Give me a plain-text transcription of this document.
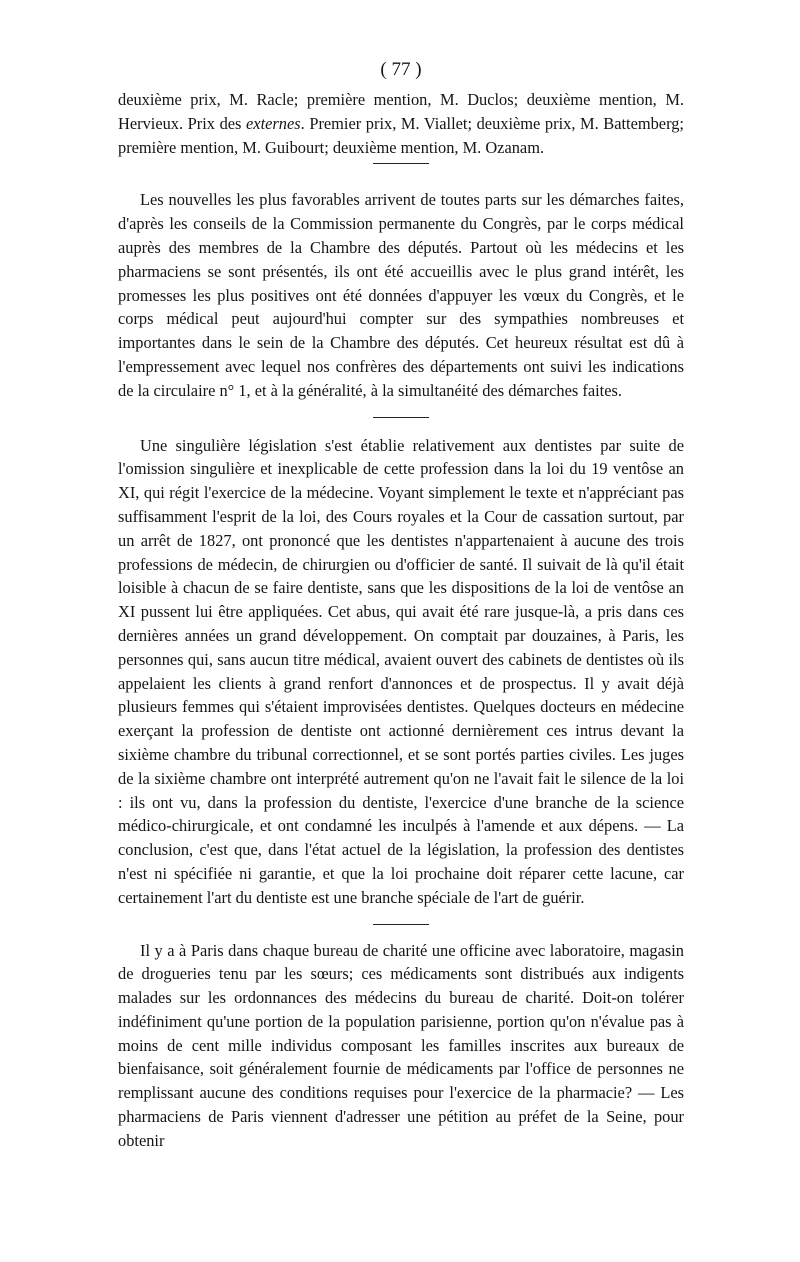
( 77 )

deuxième prix, M. Racle; première mention, M. Duclos; deuxième mention, M. Hervieux. Prix des externes. Premier prix, M. Viallet; deuxième prix, M. Battemberg; première mention, M. Guibourt; deuxième mention, M. Ozanam.

Les nouvelles les plus favorables arrivent de toutes parts sur les démarches faites, d'après les conseils de la Commission permanente du Congrès, par le corps médical auprès des membres de la Chambre des députés. Partout où les médecins et les pharmaciens se sont présentés, ils ont été accueillis avec le plus grand intérêt, les promesses les plus positives ont été données d'appuyer les vœux du Congrès, et le corps médical peut aujourd'hui compter sur des sympathies nombreuses et importantes dans le sein de la Chambre des députés. Cet heureux résultat est dû à l'empressement avec lequel nos confrères des départements ont suivi les indications de la circulaire n° 1, et à la généralité, à la simultanéité des démarches faites.

Une singulière législation s'est établie relativement aux dentistes par suite de l'omission singulière et inexplicable de cette profession dans la loi du 19 ventôse an XI, qui régit l'exercice de la médecine. Voyant simplement le texte et n'appréciant pas suffisamment l'esprit de la loi, des Cours royales et la Cour de cassation surtout, par un arrêt de 1827, ont prononcé que les dentistes n'appartenaient à aucune des trois professions de médecin, de chirurgien ou d'officier de santé. Il suivait de là qu'il était loisible à chacun de se faire dentiste, sans que les dispositions de la loi de ventôse an XI pussent lui être appliquées. Cet abus, qui avait été rare jusque-là, a pris dans ces dernières années un grand développement. On comptait par douzaines, à Paris, les personnes qui, sans aucun titre médical, avaient ouvert des cabinets de dentistes où ils appelaient les clients à grand renfort d'annonces et de prospectus. Il y avait déjà plusieurs femmes qui s'étaient improvisées dentistes. Quelques docteurs en médecine exerçant la profession de dentiste ont actionné dernièrement ces intrus devant la sixième chambre du tribunal correctionnel, et se sont portés parties civiles. Les juges de la sixième chambre ont interprété autrement qu'on ne l'avait fait le silence de la loi : ils ont vu, dans la profession du dentiste, l'exercice d'une branche de la science médico-chirurgicale, et ont condamné les inculpés à l'amende et aux dépens. — La conclusion, c'est que, dans l'état actuel de la législation, la profession des dentistes n'est ni spécifiée ni garantie, et que la loi prochaine doit réparer cette lacune, car certainement l'art du dentiste est une branche spéciale de l'art de guérir.

Il y a à Paris dans chaque bureau de charité une officine avec laboratoire, magasin de drogueries tenu par les sœurs; ces médicaments sont distribués aux indigents malades sur les ordonnances des médecins du bureau de charité. Doit-on tolérer indéfiniment qu'une portion de la population parisienne, portion qu'on n'évalue pas à moins de cent mille individus composant les familles inscrites aux bureaux de bienfaisance, soit généralement fournie de médicaments par l'office de personnes ne remplissant aucune des conditions requises pour l'exercice de la pharmacie? — Les pharmaciens de Paris viennent d'adresser une pétition au préfet de la Seine, pour obtenir
